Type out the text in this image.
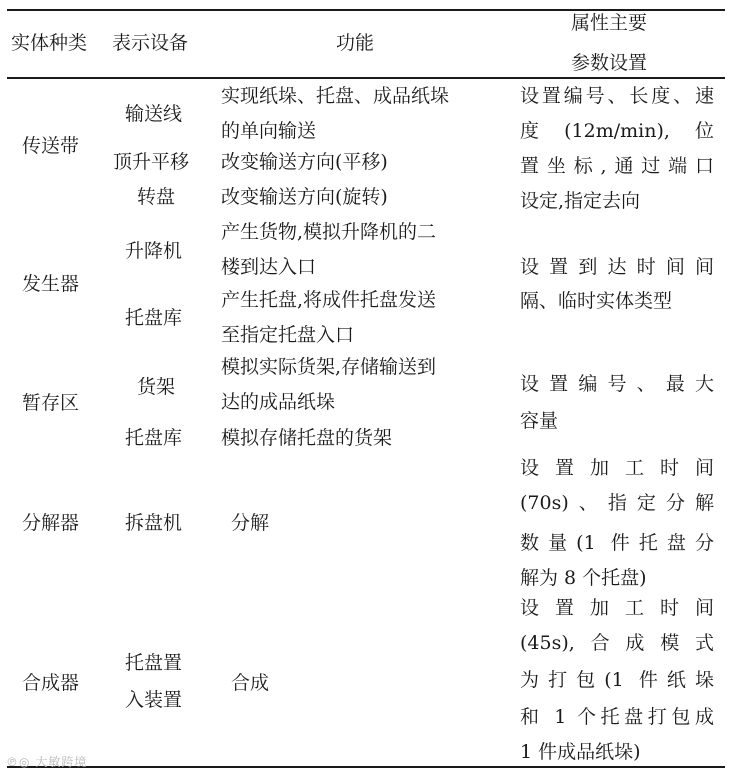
实体种类 表示设备	功能
属性主要
参数设置
传送带
输送线
顶升平移
转盘
实现纸垛、托盘、成品纸垛
的单向输送
改变输送方向(平移)
改变输送方向(旋转)
设置编号、长度、速
度(12m/min),位
置坐标,通过端口
设定,指定去向
发生器
升降机
托盘库
产生货物,模拟升降机的二
楼到达入口
产生托盘,将成件托盘发送
至指定托盘入口
设置到达时间间
隔、临时实体类型
暂存区
货架
托盘库
模拟实际货架,存储输送到
达的成品纸垛
模拟存储托盘的货架
设置编号、最大
容量
分解器 拆盘机	分解
设置加工时间
(70s)、指定分解
数量(1 件托盘分
解为 8 个托盘)
合成器
托盘置
入装置
合成
设置加工时间
(45s),合成模式
为打包(1 件纸垛
和 1 个托盘打包成
1 件成品纸垛)
℗◎ 大敏跨境
